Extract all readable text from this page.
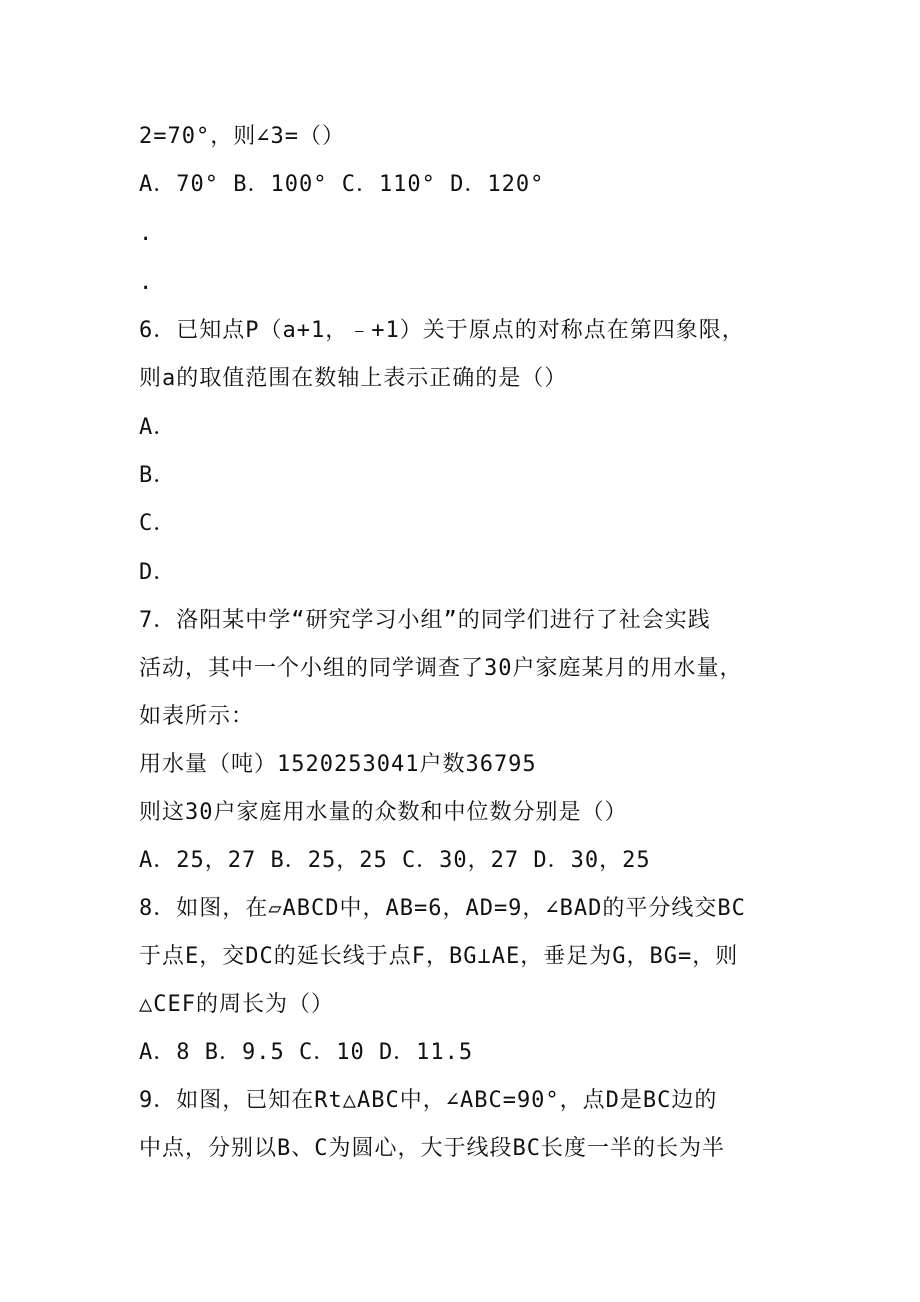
2=70°，则∠3=（）
A．70° B．100° C．110° D．120°
.
.
6．已知点P（a+1，﹣+1）关于原点的对称点在第四象限，
则a的取值范围在数轴上表示正确的是（）
A．
B．
C．
D．
7．洛阳某中学“研究学习小组”的同学们进行了社会实践
活动，其中一个小组的同学调查了30户家庭某月的用水量，
如表所示：
用水量（吨）1520253041户数36795
则这30户家庭用水量的众数和中位数分别是（）
A．25，27 B．25，25 C．30，27 D．30，25
8．如图，在▱ABCD中，AB=6，AD=9，∠BAD的平分线交BC
于点E，交DC的延长线于点F，BG⊥AE，垂足为G，BG=，则
△CEF的周长为（）
A．8 B．9.5 C．10 D．11.5
9．如图，已知在Rt△ABC中，∠ABC=90°，点D是BC边的
中点，分别以B、C为圆心，大于线段BC长度一半的长为半
